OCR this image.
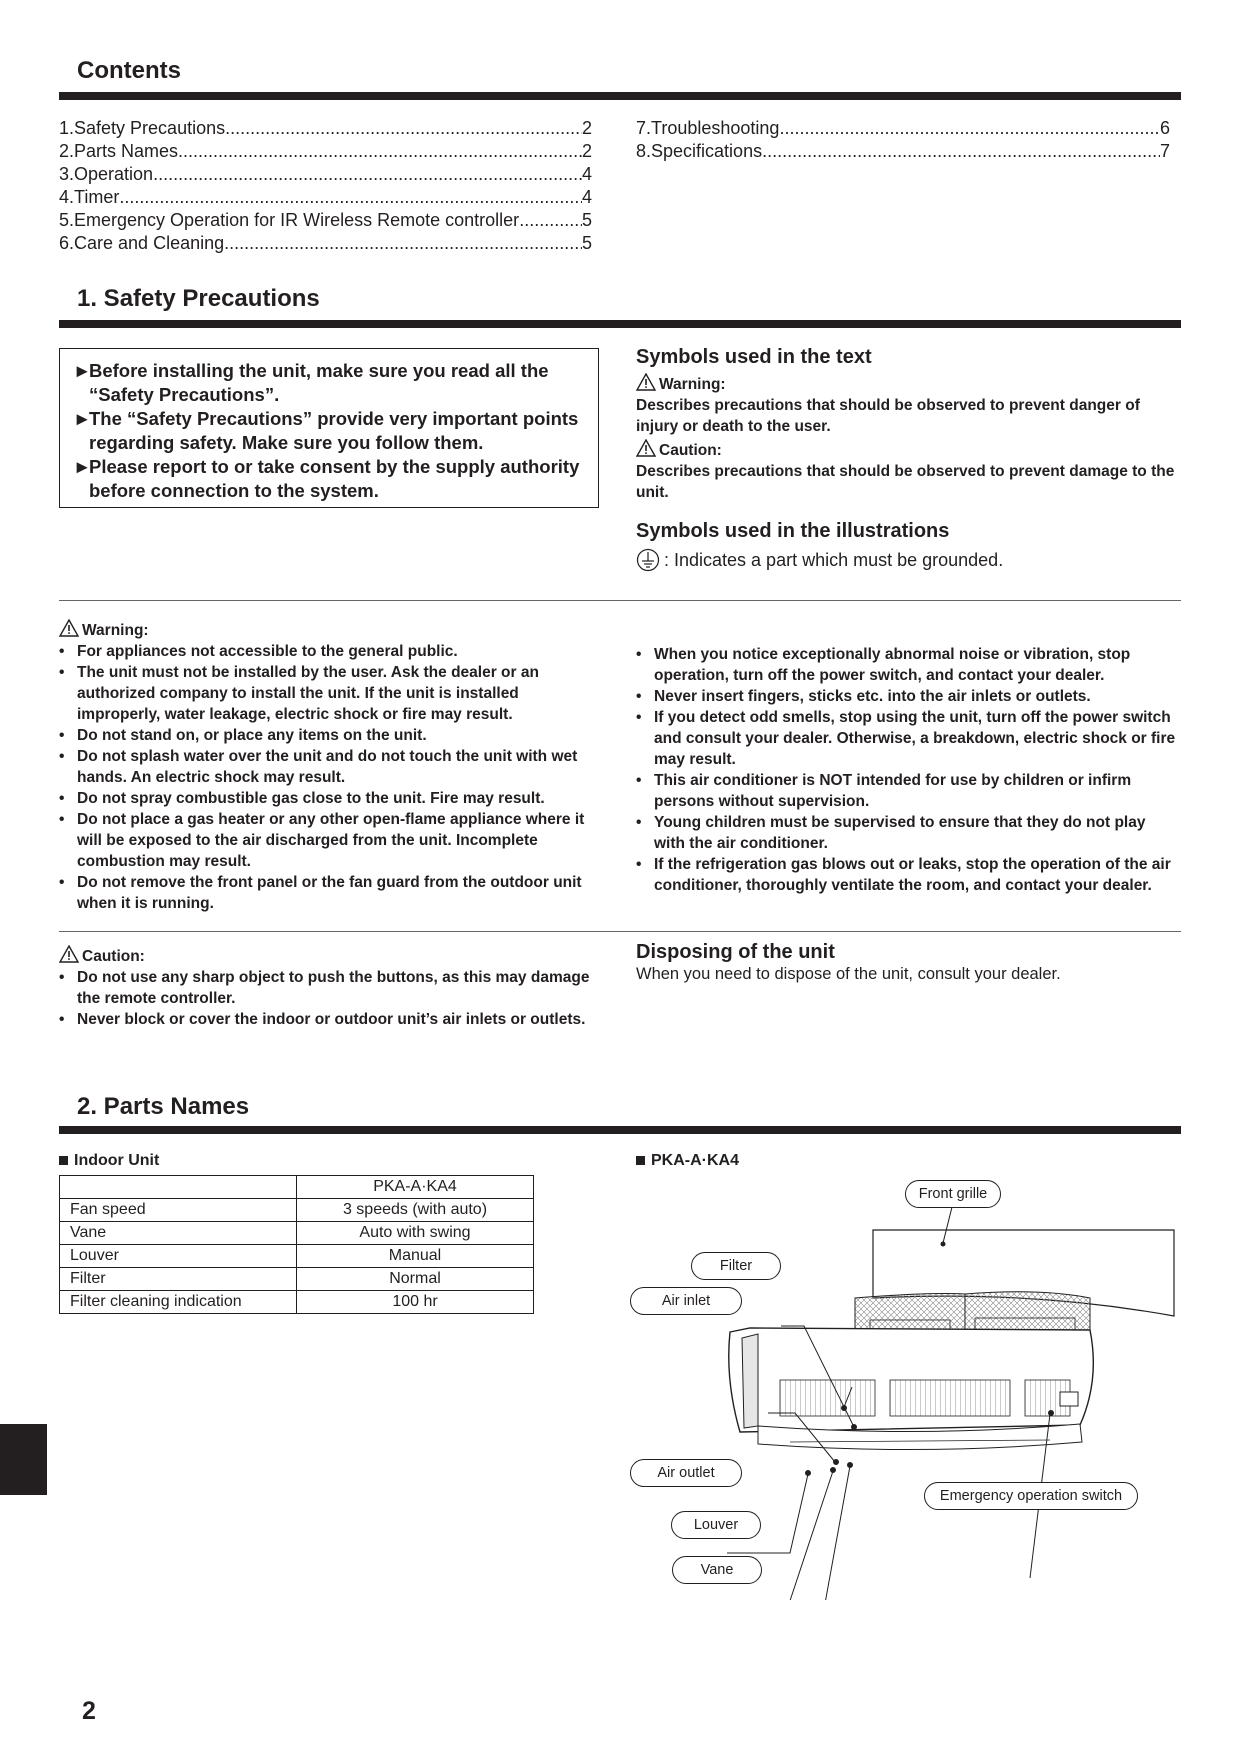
Contents
1. Safety Precautions .....	2
2. Parts Names .....	2
3. Operation .....	4
4. Timer .....	4
5. Emergency Operation for IR Wireless Remote controller .....	5
6. Care and Cleaning .....	5
7. Troubleshooting .....	6
8. Specifications .....	7
1. Safety Precautions

►
Before installing the unit, make sure you read all the “Safety Precautions”.

►
The “Safety Precautions” provide very important points regarding safety. Make sure you follow them.

►
Please report to or take consent by the supply authority before connection to the system.

Symbols used in the text
Warning:
Describes precautions that should be observed to prevent danger of injury or death to the user.
Caution:
Describes precautions that should be observed to prevent damage to the unit.
Symbols used in the illustrations
: Indicates a part which must be grounded.
Warning:
• For appliances not accessible to the general public.
• The unit must not be installed by the user. Ask the dealer or an authorized company to install the unit. If the unit is installed improperly, water leakage, electric shock or fire may result.
• Do not stand on, or place any items on the unit.
• Do not splash water over the unit and do not touch the unit with wet hands. An electric shock may result.
• Do not spray combustible gas close to the unit. Fire may result.
• Do not place a gas heater or any other open-flame appliance where it will be exposed to the air discharged from the unit. Incomplete combustion may result.
• Do not remove the front panel or the fan guard from the outdoor unit when it is running.
• When you notice exceptionally abnormal noise or vibration, stop operation, turn off the power switch, and contact your dealer.
• Never insert fingers, sticks etc. into the air inlets or outlets.
• If you detect odd smells, stop using the unit, turn off the power switch and consult your dealer. Otherwise, a breakdown, electric shock or fire may result.
• This air conditioner is NOT intended for use by children or infirm persons without supervision.
• Young children must be supervised to ensure that they do not play with the air conditioner.
• If the refrigeration gas blows out or leaks, stop the operation of the air conditioner, thoroughly ventilate the room, and contact your dealer.
Caution:
• Do not use any sharp object to push the buttons, as this may damage the remote controller.
• Never block or cover the indoor or outdoor unit’s air inlets or outlets.
Disposing of the unit
When you need to dispose of the unit, consult your dealer.
2. Parts Names
Indoor Unit
	PKA-A·KA4
Fan speed	3 speeds (with auto)
Vane	Auto with swing
Louver	Manual
Filter	Normal
Filter cleaning indication	100 hr
PKA-A·KA4
Front grille
Filter
Air inlet
Air outlet
Emergency operation switch
Louver
Vane
2
